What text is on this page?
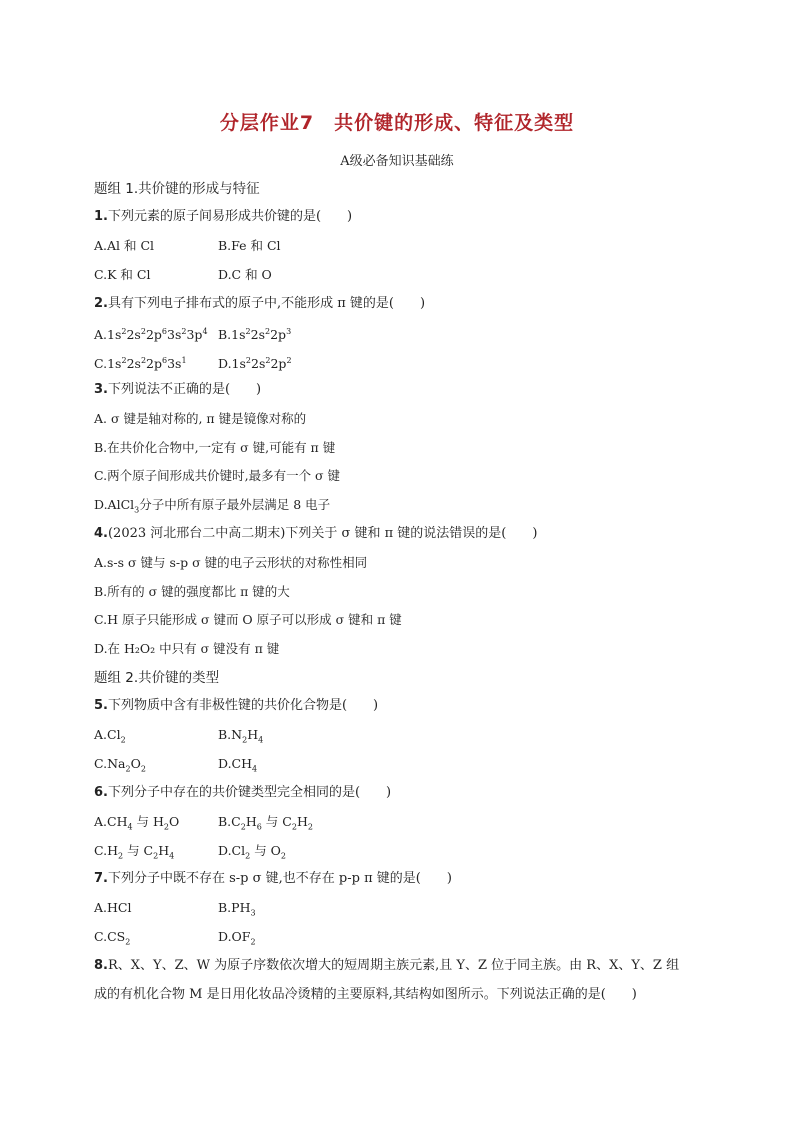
分层作业7　共价键的形成、特征及类型
A级必备知识基础练
题组 1.共价键的形成与特征
1.下列元素的原子间易形成共价键的是(　　)
A.Al 和 Cl	B.Fe 和 Cl
C.K 和 Cl	D.C 和 O
2.具有下列电子排布式的原子中,不能形成 π 键的是(　　)
$A.1s^22s^22p^63s^23p^4$ $B.1s^22s^22p^3$
$C.1s^22s^22p^63s^1$	$D.1s^22s^22p^2$
3.下列说法不正确的是(　　)
A. σ 键是轴对称的, π 键是镜像对称的
B.在共价化合物中,一定有 σ 键,可能有 π 键
C.两个原子间形成共价键时,最多有一个 σ 键
D.AlCl$_3$分子中所有原子最外层满足 8 电子
4.(2023 河北邢台二中高二期末)下列关于 σ 键和 π 键的说法错误的是(　　)
A.s-s σ 键与 s-p σ 键的电子云形状的对称性相同
B.所有的 σ 键的强度都比 π 键的大
C.H 原子只能形成 σ 键而 O 原子可以形成 σ 键和 π 键
D.在 H₂O₂ 中只有 σ 键没有 π 键
题组 2.共价键的类型
5.下列物质中含有非极性键的共价化合物是(　　)
$A.Cl_2$	$B.N_2H_4$
$C.Na_2O_2$	$D.CH_4$
6.下列分子中存在的共价键类型完全相同的是(　　)
$A.CH_4$ 与 $H_2O$	$B.C_2H_6$ 与 $C_2H_2$
$C.H_2$ 与 $C_2H_4$	$D.Cl_2$ 与 $O_2$
7.下列分子中既不存在 s-p σ 键,也不存在 p-p π 键的是(　　)
A.HCl	$B.PH_3$
$C.CS_2$	$D.OF_2$
8.R、X、Y、Z、W 为原子序数依次增大的短周期主族元素,且 Y、Z 位于同主族。由 R、X、Y、Z 组
成的有机化合物 M 是日用化妆品冷烫精的主要原料,其结构如图所示。下列说法正确的是(　　)
